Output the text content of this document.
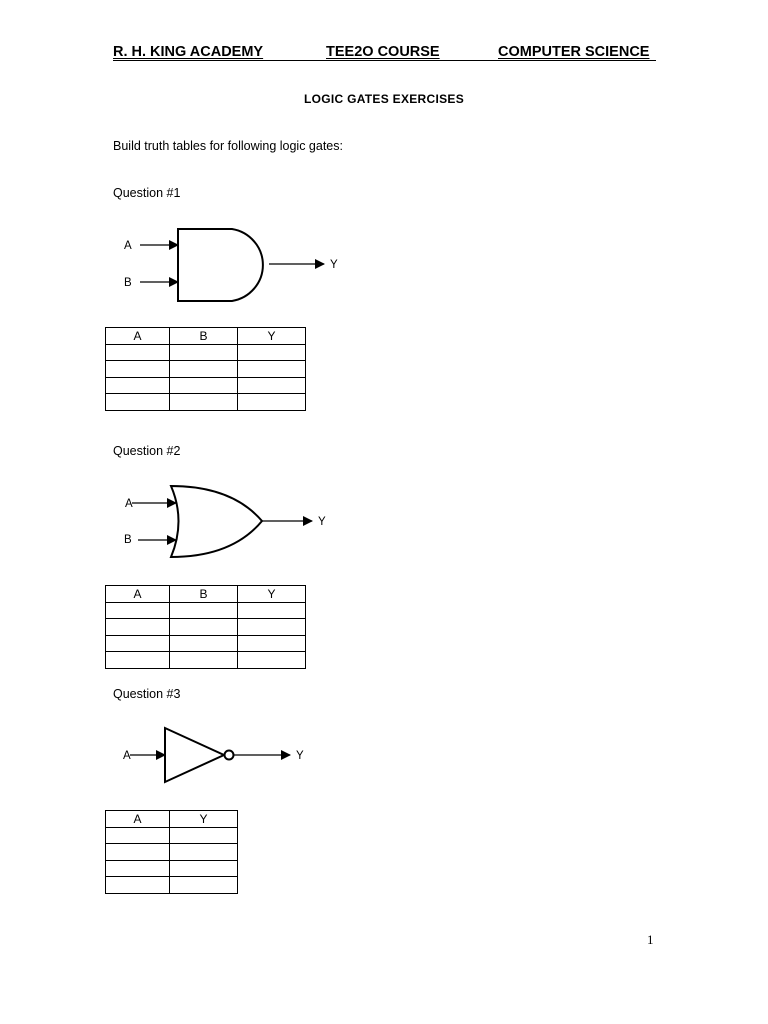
R. H. KING ACADEMY	TEE2O COURSE	COMPUTER SCIENCE
LOGIC GATES EXERCISES
Build truth tables for following logic gates:
Question #1
A
B
Y
A	B	Y

Question #2
A
B
Y
A	B	Y

Question #3
A	Y
A	Y

1
